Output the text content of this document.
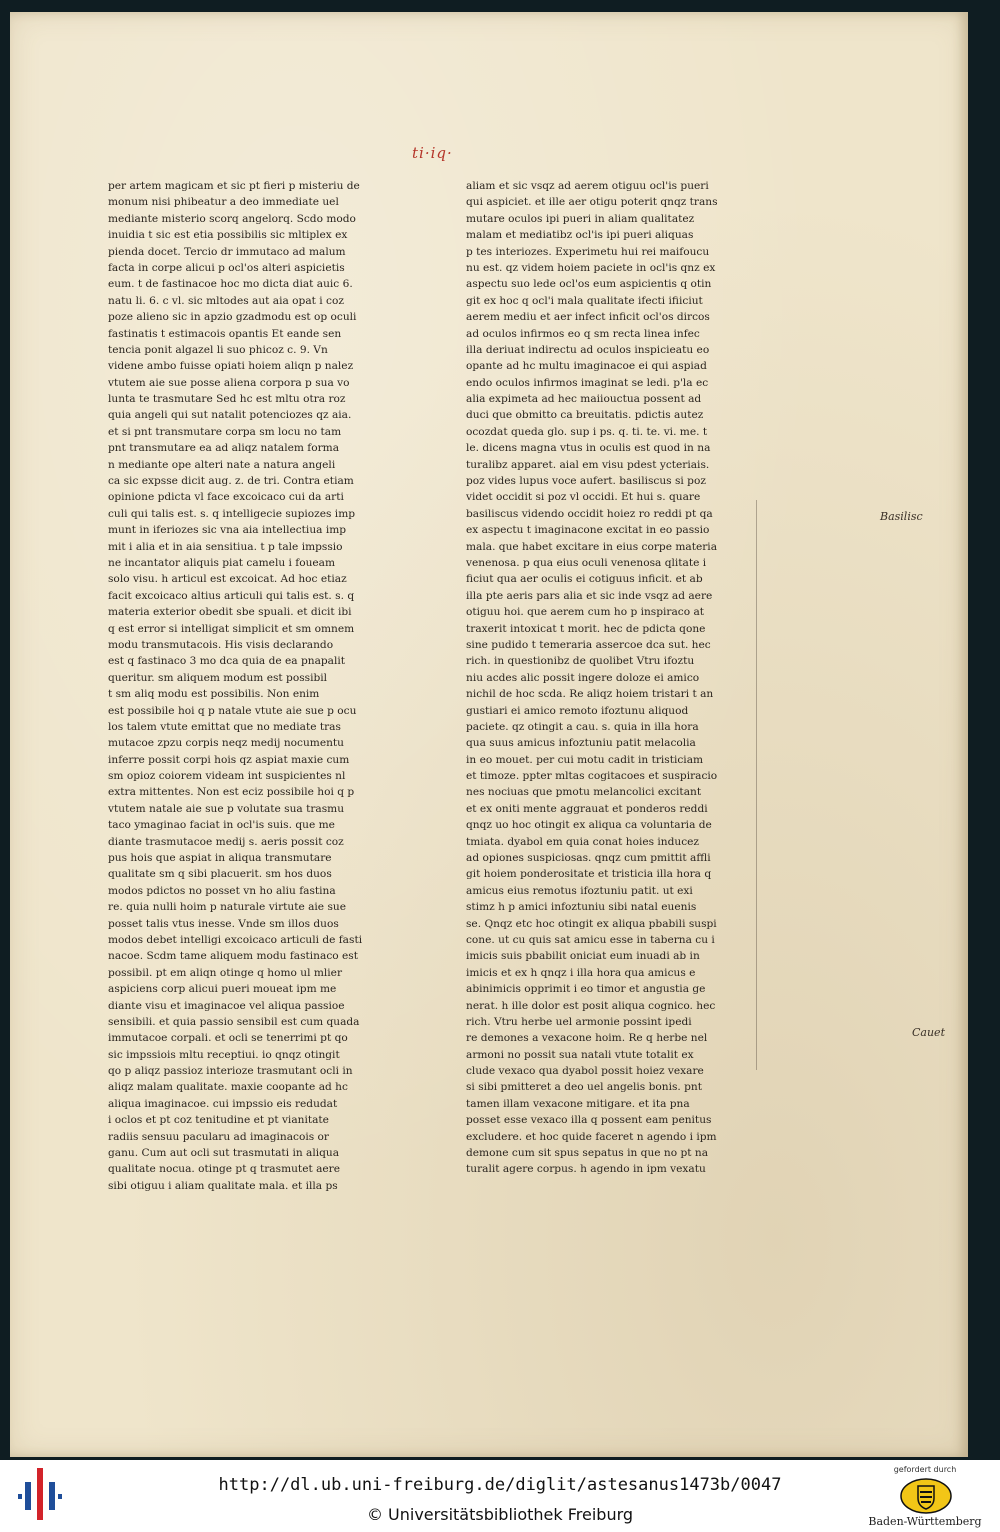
ti·iq·
per artem magicam et sic pt fieri p misteriu de
monum nisi phibeatur a deo immediate uel
mediante misterio scorq angelorq. Scdo modo
inuidia t sic est etia possibilis sic mltiplex ex
pienda docet. Tercio dr immutaco ad malum
facta in corpe alicui p ocl'os alteri aspicietis
eum. t de fastinacoe hoc mo dicta diat auic 6.
natu li. 6. c vl. sic mltodes aut aia opat i coz
poze alieno sic in apzio gzadmodu est op oculi
fastinatis t estimacois opantis Et eande sen
tencia ponit algazel li suo phicoz c. 9. Vn
videne ambo fuisse opiati hoiem aliqn p nalez
vtutem aie sue posse aliena corpora p sua vo
lunta te trasmutare Sed hc est mltu otra roz
quia angeli qui sut natalit potenciozes qz aia.
et si pnt transmutare corpa sm locu no tam
pnt transmutare ea ad aliqz natalem forma
n mediante ope alteri nate a natura angeli
ca sic expsse dicit aug. z. de tri. Contra etiam
opinione pdicta vl face excoicaco cui da arti
culi qui talis est. s. q intelligecie supiozes imp
munt in iferiozes sic vna aia intellectiua imp
mit i alia et in aia sensitiua. t p tale impssio
ne incantator aliquis piat camelu i foueam
solo visu. h articul est excoicat. Ad hoc etiaz
facit excoicaco altius articuli qui talis est. s. q
materia exterior obedit sbe spuali. et dicit ibi
q est error si intelligat simplicit et sm omnem
modu transmutacois. His visis declarando
est q fastinaco 3 mo dca quia de ea pnapalit
queritur. sm aliquem modum est possibil
t sm aliq modu est possibilis. Non enim
est possibile hoi q p natale vtute aie sue p ocu
los talem vtute emittat que no mediate tras
mutacoe zpzu corpis neqz medij nocumentu
inferre possit corpi hois qz aspiat maxie cum
sm opioz coiorem videam int suspicientes nl
extra mittentes. Non est eciz possibile hoi q p
vtutem natale aie sue p volutate sua trasmu
taco ymaginao faciat in ocl'is suis. que me
diante trasmutacoe medij s. aeris possit coz
pus hois que aspiat in aliqua transmutare
qualitate sm q sibi placuerit. sm hos duos
modos pdictos no posset vn ho aliu fastina
re. quia nulli hoim p naturale virtute aie sue
posset talis vtus inesse. Vnde sm illos duos
modos debet intelligi excoicaco articuli de fasti
nacoe. Scdm tame aliquem modu fastinaco est
possibil. pt em aliqn otinge q homo ul mlier
aspiciens corp alicui pueri moueat ipm me
diante visu et imaginacoe vel aliqua passioe
sensibili. et quia passio sensibil est cum quada
immutacoe corpali. et ocli se tenerrimi pt qo
sic impssiois mltu receptiui. io qnqz otingit
qo p aliqz passioz interioze trasmutant ocli in
aliqz malam qualitate. maxie coopante ad hc
aliqua imaginacoe. cui impssio eis redudat
i oclos et pt coz tenitudine et pt vianitate
radiis sensuu pacularu ad imaginacois or
ganu. Cum aut ocli sut trasmutati in aliqua
qualitate nocua. otinge pt q trasmutet aere
sibi otiguu i aliam qualitate mala. et illa ps
aliam et sic vsqz ad aerem otiguu ocl'is pueri
qui aspiciet. et ille aer otigu poterit qnqz trans
mutare oculos ipi pueri in aliam qualitatez
malam et mediatibz ocl'is ipi pueri aliquas
p tes interiozes. Experimetu hui rei maifoucu
nu est. qz videm hoiem paciete in ocl'is qnz ex
aspectu suo lede ocl'os eum aspicientis q otin
git ex hoc q ocl'i mala qualitate ifecti ifiiciut
aerem mediu et aer infect inficit ocl'os dircos
ad oculos infirmos eo q sm recta linea infec
illa deriuat indirectu ad oculos inspicieatu eo
opante ad hc multu imaginacoe ei qui aspiad
endo oculos infirmos imaginat se ledi. p'la ec
alia expimeta ad hec maiiouctua possent ad
duci que obmitto ca breuitatis. pdictis autez
ocozdat queda glo. sup i ps. q. ti. te. vi. me. t
le. dicens magna vtus in oculis est quod in na
turalibz apparet. aial em visu pdest ycteriais.
poz vides lupus voce aufert. basiliscus si poz
videt occidit si poz vl occidi. Et hui s. quare
basiliscus videndo occidit hoiez ro reddi pt qa
ex aspectu t imaginacone excitat in eo passio
mala. que habet excitare in eius corpe materia
venenosa. p qua eius oculi venenosa qlitate i
ficiut qua aer oculis ei cotiguus inficit. et ab
illa pte aeris pars alia et sic inde vsqz ad aere
otiguu hoi. que aerem cum ho p inspiraco at
traxerit intoxicat t morit. hec de pdicta qone
sine pudido t temeraria assercoe dca sut. hec
rich. in questionibz de quolibet Vtru ifoztu
niu acdes alic possit ingere doloze ei amico
nichil de hoc scda. Re aliqz hoiem tristari t an
gustiari ei amico remoto ifoztunu aliquod
paciete. qz otingit a cau. s. quia in illa hora
qua suus amicus infoztuniu patit melacolia
in eo mouet. per cui motu cadit in tristiciam
et timoze. ppter mltas cogitacoes et suspiracio
nes nociuas que pmotu melancolici excitant
et ex oniti mente aggrauat et ponderos reddi
qnqz uo hoc otingit ex aliqua ca voluntaria de
tmiata. dyabol em quia conat hoies inducez
ad opiones suspiciosas. qnqz cum pmittit affli
git hoiem ponderositate et tristicia illa hora q
amicus eius remotus ifoztuniu patit. ut exi
stimz h p amici infoztuniu sibi natal euenis
se. Qnqz etc hoc otingit ex aliqua pbabili suspi
cone. ut cu quis sat amicu esse in taberna cu i
imicis suis pbabilit oniciat eum inuadi ab in
imicis et ex h qnqz i illa hora qua amicus e
abinimicis opprimit i eo timor et angustia ge
nerat. h ille dolor est posit aliqua cognico. hec
rich. Vtru herbe uel armonie possint ipedi
re demones a vexacone hoim. Re q herbe nel
armoni no possit sua natali vtute totalit ex
clude vexaco qua dyabol possit hoiez vexare
si sibi pmitteret a deo uel angelis bonis. pnt
tamen illam vexacone mitigare. et ita pna
posset esse vexaco illa q possent eam penitus
excludere. et hoc quide faceret n agendo i ipm
demone cum sit spus sepatus in que no pt na
turalit agere corpus. h agendo in ipm vexatu
Basilisc
Cauet
http://dl.ub.uni-freiburg.de/diglit/astesanus1473b/0047
© Universitätsbibliothek Freiburg
gefordert durch
Baden-Württemberg
